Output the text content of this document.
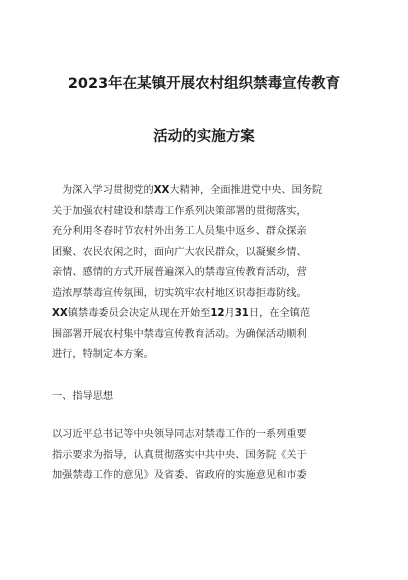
2023年在某镇开展农村组织禁毒宣传教育
活动的实施方案
为深入学习贯彻党的XX大精神，全面推进党中央、国务院
关于加强农村建设和禁毒工作系列决策部署的贯彻落实，
充分利用冬春时节农村外出务工人员集中返乡、群众探亲
团聚、农民农闲之时，面向广大农民群众，以凝聚乡情、
亲情、感情的方式开展普遍深入的禁毒宣传教育活动，营
造浓厚禁毒宣传氛围，切实筑牢农村地区识毒拒毒防线。
XX镇禁毒委员会决定从现在开始至12月31日，在全镇范
围部署开展农村集中禁毒宣传教育活动。为确保活动顺利
进行，特制定本方案。
一、指导思想
以习近平总书记等中央领导同志对禁毒工作的一系列重要
指示要求为指导，认真贯彻落实中共中央、国务院《关于
加强禁毒工作的意见》及省委、省政府的实施意见和市委
